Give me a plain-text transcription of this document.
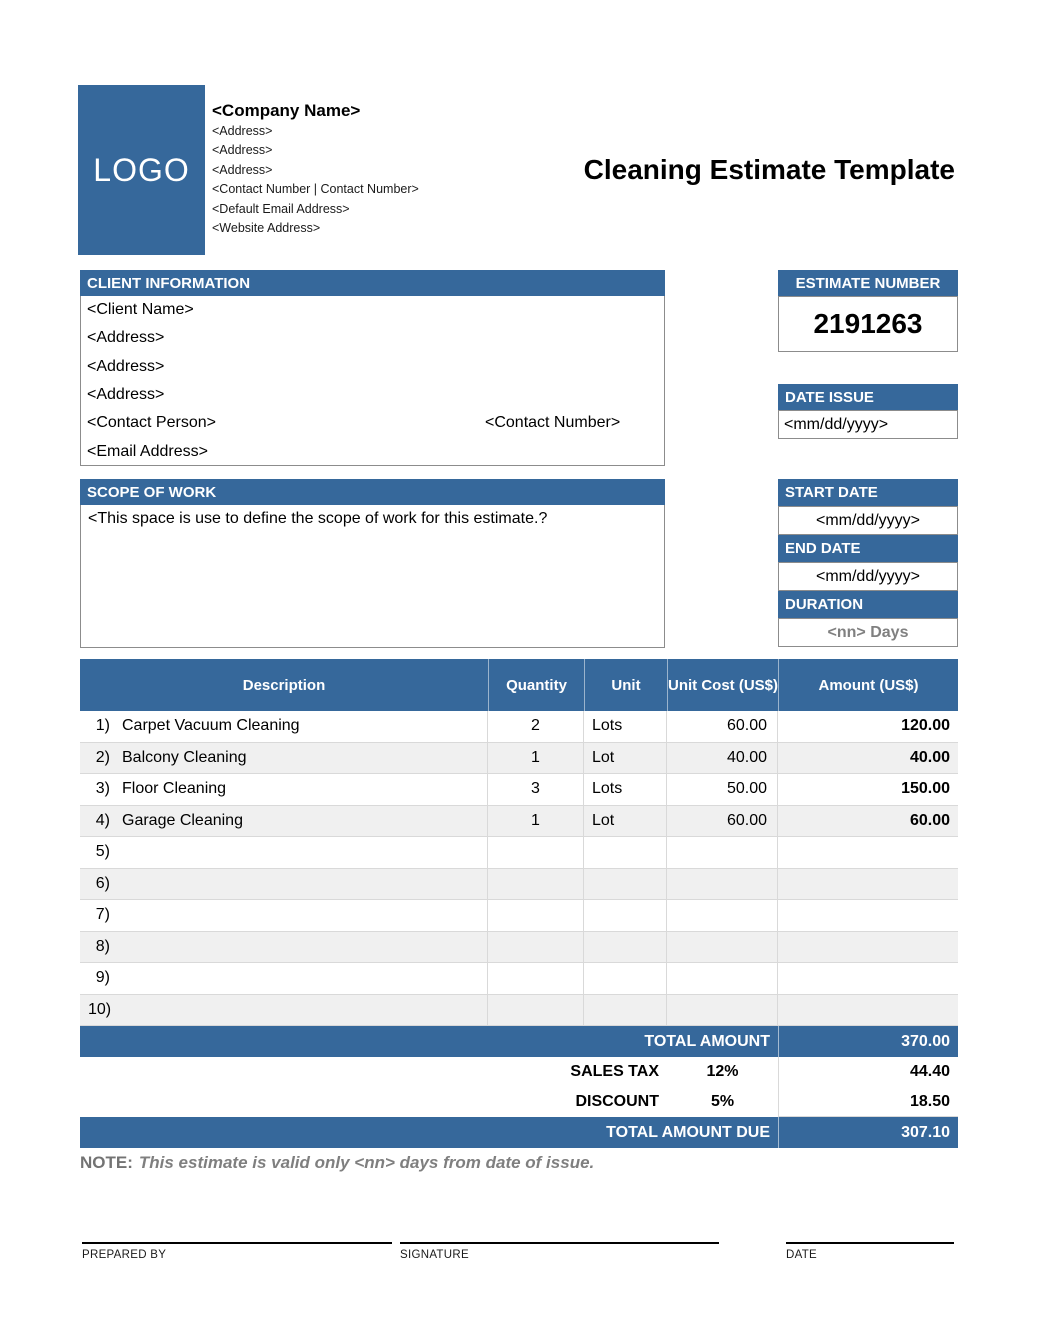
LOGO
<Company Name>
<Address>
<Address>
<Address>
<Contact Number | Contact Number>
<Default Email Address>
<Website Address>
Cleaning Estimate Template
CLIENT INFORMATION
<Client Name>
<Address>
<Address>
<Address>
<Contact Person>	<Contact Number>
<Email Address>
ESTIMATE NUMBER
2191263
DATE ISSUE
<mm/dd/yyyy>
SCOPE OF WORK
<This space is use to define the scope of work for this estimate.?
START DATE
<mm/dd/yyyy>
END DATE
<mm/dd/yyyy>
DURATION
<nn> Days
Description	Quantity	Unit	Unit Cost (US$)	Amount (US$)
1) Carpet Vacuum Cleaning	2	Lots	60.00	120.00
2) Balcony Cleaning	1	Lot	40.00	40.00
3) Floor Cleaning	3	Lots	50.00	150.00
4) Garage Cleaning	1	Lot	60.00	60.00
5)
6)
7)
8)
9)
10)
TOTAL AMOUNT	370.00
SALES TAX	12%	44.40
DISCOUNT	5%	18.50
TOTAL AMOUNT DUE	307.10
NOTE: This estimate is valid only <nn> days from date of issue.
PREPARED BY	SIGNATURE	DATE
